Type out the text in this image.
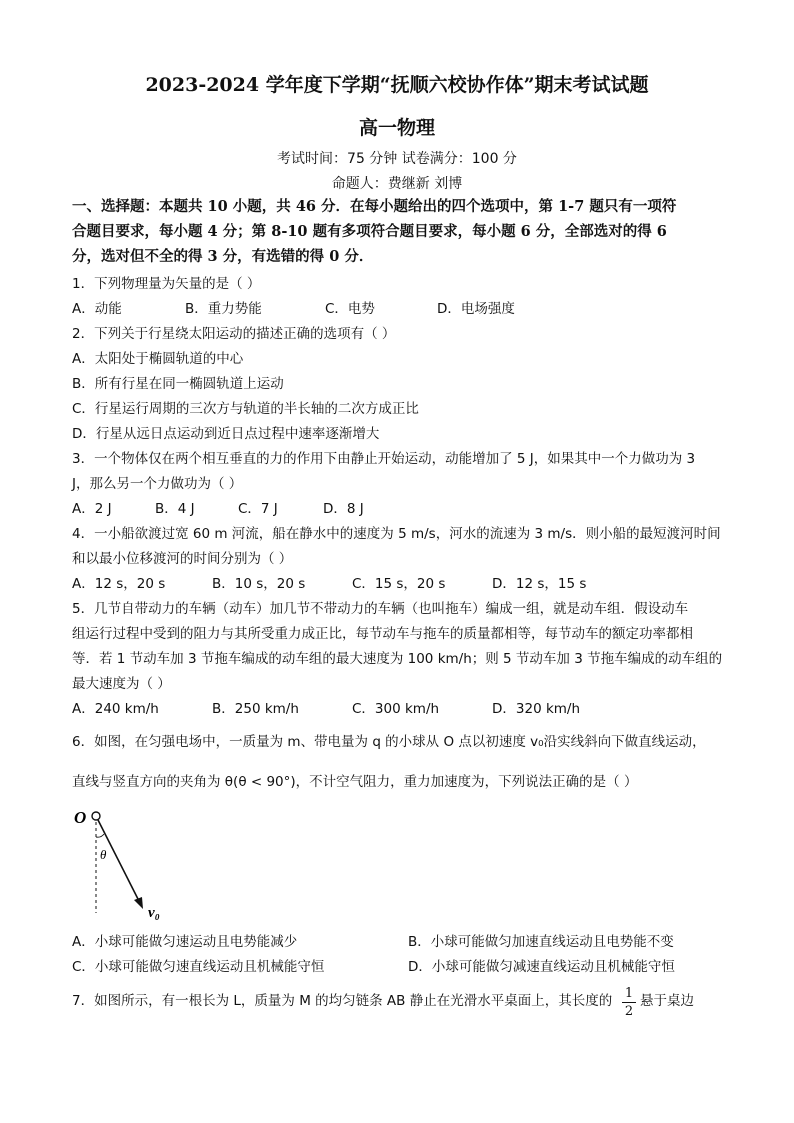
2023-2024 学年度下学期“抚顺六校协作体”期末考试试题
高一物理
考试时间：75 分钟 试卷满分：100 分
命题人：费继新 刘博
一、选择题：本题共 10 小题，共 46 分．在每小题给出的四个选项中，第 1-7 题只有一项符
合题目要求，每小题 4 分；第 8-10 题有多项符合题目要求，每小题 6 分，全部选对的得 6
分，选对但不全的得 3 分，有选错的得 0 分．
1．下列物理量为矢量的是（ ）
A．动能	B．重力势能	C．电势	D．电场强度
2．下列关于行星绕太阳运动的描述正确的选项有（ ）
A．太阳处于椭圆轨道的中心
B．所有行星在同一椭圆轨道上运动
C．行星运行周期的三次方与轨道的半长轴的二次方成正比
D．行星从远日点运动到近日点过程中速率逐渐增大
3．一个物体仅在两个相互垂直的力的作用下由静止开始运动，动能增加了 5 J，如果其中一个力做功为 3
J，那么另一个力做功为（ ）
A．2 J	B．4 J	C．7 J	D．8 J
4．一小船欲渡过宽 60 m 河流，船在静水中的速度为 5 m/s，河水的流速为 3 m/s．则小船的最短渡河时间
和以最小位移渡河的时间分别为（ ）
A．12 s，20 s	B．10 s，20 s	C．15 s，20 s	D．12 s，15 s
5．几节自带动力的车辆（动车）加几节不带动力的车辆（也叫拖车）编成一组，就是动车组．假设动车
组运行过程中受到的阻力与其所受重力成正比，每节动车与拖车的质量都相等，每节动车的额定功率都相
等．若 1 节动车加 3 节拖车编成的动车组的最大速度为 100 km/h；则 5 节动车加 3 节拖车编成的动车组的
最大速度为（ ）
A．240 km/h	B．250 km/h	C．300 km/h	D．320 km/h
6．如图，在匀强电场中，一质量为 m、带电量为 q 的小球从 O 点以初速度 v₀沿实线斜向下做直线运动，
直线与竖直方向的夹角为 θ(θ < 90°)，不计空气阻力，重力加速度为，下列说法正确的是（ ）
O
θ
v₀
A．小球可能做匀速运动且电势能减少	B．小球可能做匀加速直线运动且电势能不变
C．小球可能做匀速直线运动且机械能守恒	D．小球可能做匀减速直线运动且机械能守恒
7．如图所示，有一根长为 L，质量为 M 的均匀链条 AB 静止在光滑水平桌面上，其长度的 1
2
悬于桌边
